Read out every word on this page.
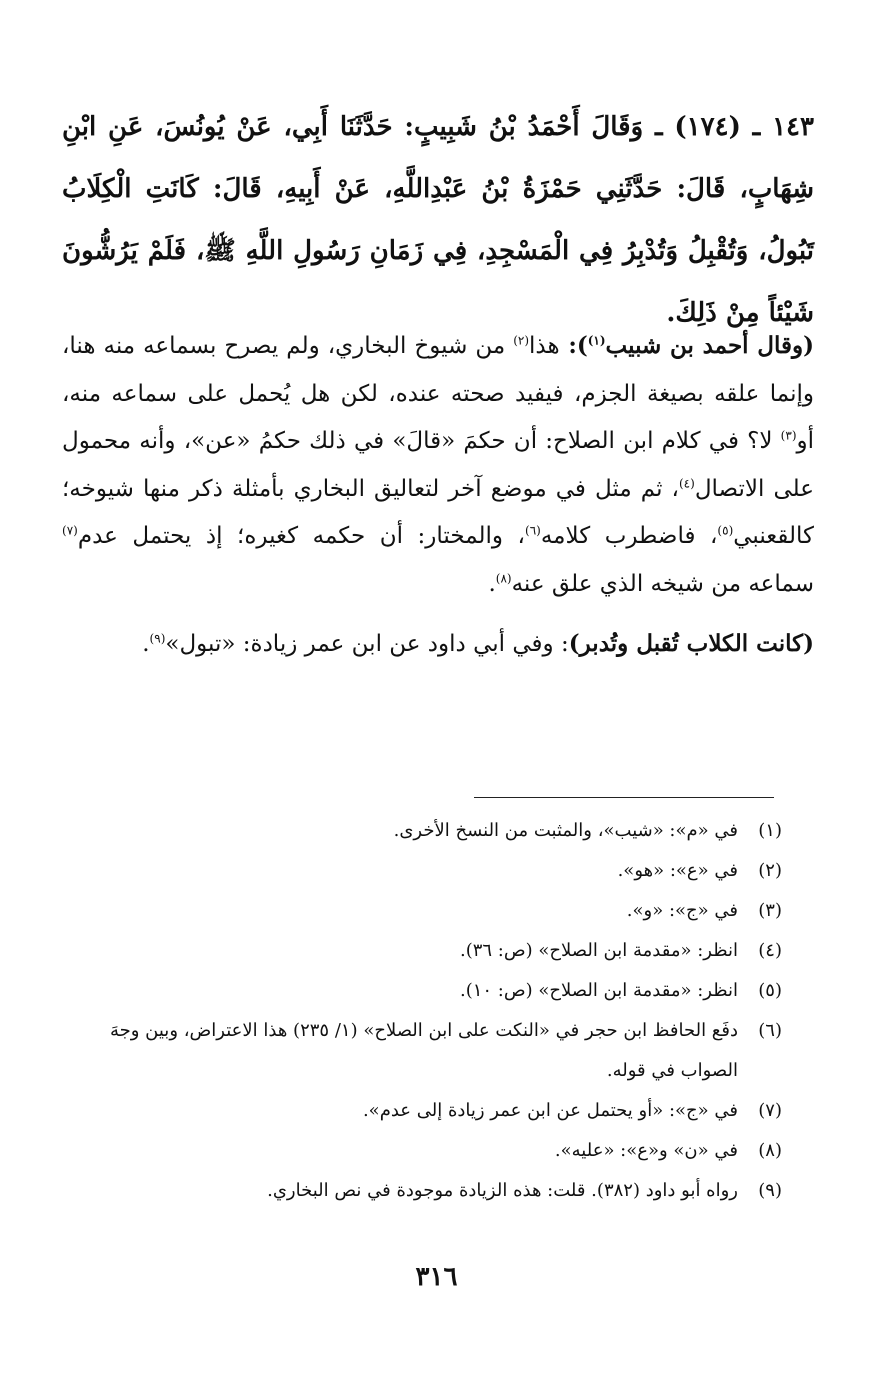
١٤٣ ـ (١٧٤) ـ وَقَالَ أَحْمَدُ بْنُ شَبِيبٍ: حَدَّثَنَا أَبِي، عَنْ يُونُسَ، عَنِ ابْنِ شِهَابٍ، قَالَ: حَدَّثَنِي حَمْزَةُ بْنُ عَبْدِاللَّهِ، عَنْ أَبِيهِ، قَالَ: كَانَتِ الْكِلَابُ تَبُولُ، وَتُقْبِلُ وَتُدْبِرُ فِي الْمَسْجِدِ، فِي زَمَانِ رَسُولِ اللَّهِ ﷺ، فَلَمْ يَرُشُّونَ شَيْئاً مِنْ ذَلِكَ.

(وقال أحمد بن شبيب$^{(١)}$): هذا$^{(٢)}$ من شيوخ البخاري، ولم يصرح بسماعه منه هنا، وإنما علقه بصيغة الجزم، فيفيد صحته عنده، لكن هل يُحمل على سماعه منه، أو$^{(٣)}$ لا؟ في كلام ابن الصلاح: أن حكمَ «قالَ» في ذلك حكمُ «عن»، وأنه محمول على الاتصال$^{(٤)}$، ثم مثل في موضع آخر لتعاليق البخاري بأمثلة ذكر منها شيوخه؛ كالقعنبي$^{(٥)}$، فاضطرب كلامه$^{(٦)}$، والمختار: أن حكمه كغيره؛ إذ يحتمل عدم$^{(٧)}$ سماعه من شيخه الذي علق عنه$^{(٨)}$.

(كانت الكلاب تُقبل وتُدبر): وفي أبي داود عن ابن عمر زيادة: «تبول»$^{(٩)}$.

(١)
في «م»: «شيب»، والمثبت من النسخ الأخرى.
(٢)
في «ع»: «هو».
(٣)
في «ج»: «و».
(٤)
انظر: «مقدمة ابن الصلاح» (ص: ٣٦).
(٥)
انظر: «مقدمة ابن الصلاح» (ص: ١٠).
(٦)
دفَع الحافظ ابن حجر في «النكت على ابن الصلاح» (١/ ٢٣٥) هذا الاعتراض، وبين وجهَ الصواب في قوله.
(٧)
في «ج»: «أو يحتمل عن ابن عمر زيادة إلى عدم».
(٨)
في «ن» و«ع»: «عليه».
(٩)
رواه أبو داود (٣٨٢). قلت: هذه الزيادة موجودة في نص البخاري.
٣١٦
